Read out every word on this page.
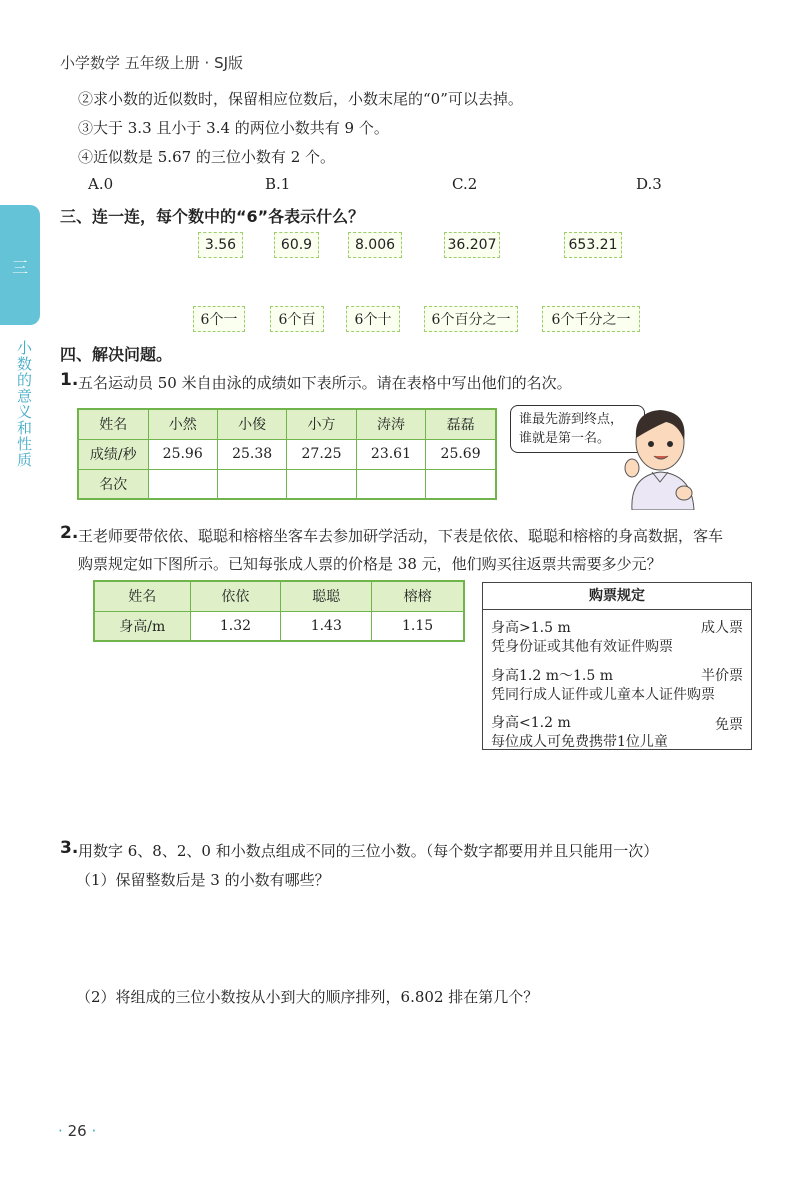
小学数学 五年级上册 · SJ版
三
小数的意义和性质
②求小数的近似数时，保留相应位数后，小数末尾的“0”可以去掉。
③大于 3.3 且小于 3.4 的两位小数共有 9 个。
④近似数是 5.67 的三位小数有 2 个。
A.0	B.1	C.2	D.3
三、连一连，每个数中的“6”各表示什么？
3.56	60.9	8.006	36.207	653.21
6个一	6个百	6个十	6个百分之一	6个千分之一
四、解决问题。
1. 五名运动员 50 米自由泳的成绩如下表所示。请在表格中写出他们的名次。
姓名	小然	小俊	小方	涛涛	磊磊
成绩/秒	25.96	25.38	27.25	23.61	25.69
名次					
谁最先游到终点，
谁就是第一名。
2. 王老师要带依依、聪聪和榕榕坐客车去参加研学活动，下表是依依、聪聪和榕榕的身高数据，客车
购票规定如下图所示。已知每张成人票的价格是 38 元，他们购买往返票共需要多少元？
姓名	依依	聪聪	榕榕
身高/m	1.32	1.43	1.15
购票规定
身高>1.5 m	成人票
凭身份证或其他有效证件购票
身高1.2 m～1.5 m	半价票
凭同行成人证件或儿童本人证件购票
身高<1.2 m	免票
每位成人可免费携带1位儿童
3. 用数字 6、8、2、0 和小数点组成不同的三位小数。（每个数字都要用并且只能用一次）
（1）保留整数后是 3 的小数有哪些？
（2）将组成的三位小数按从小到大的顺序排列，6.802 排在第几个？
· 26 ·
